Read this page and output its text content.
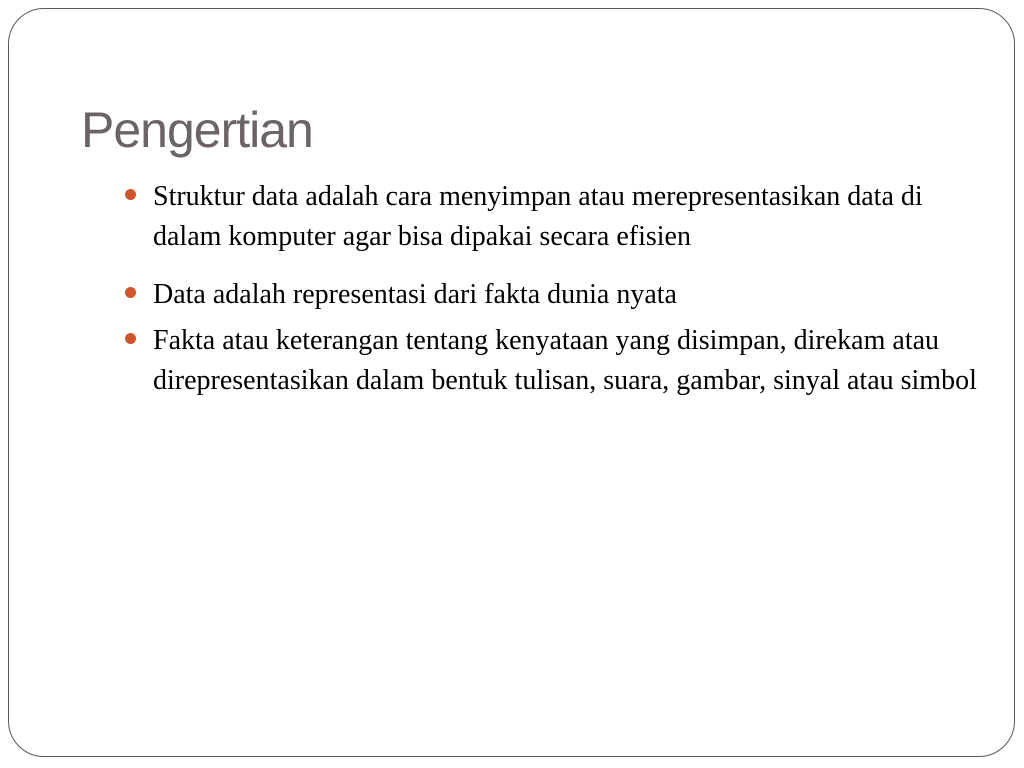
Pengertian
Struktur data adalah cara menyimpan atau merepresentasikan data di dalam komputer agar bisa dipakai secara efisien
Data adalah representasi dari fakta dunia nyata
Fakta atau keterangan tentang kenyataan yang disimpan, direkam atau direpresentasikan dalam bentuk tulisan, suara, gambar, sinyal atau simbol
